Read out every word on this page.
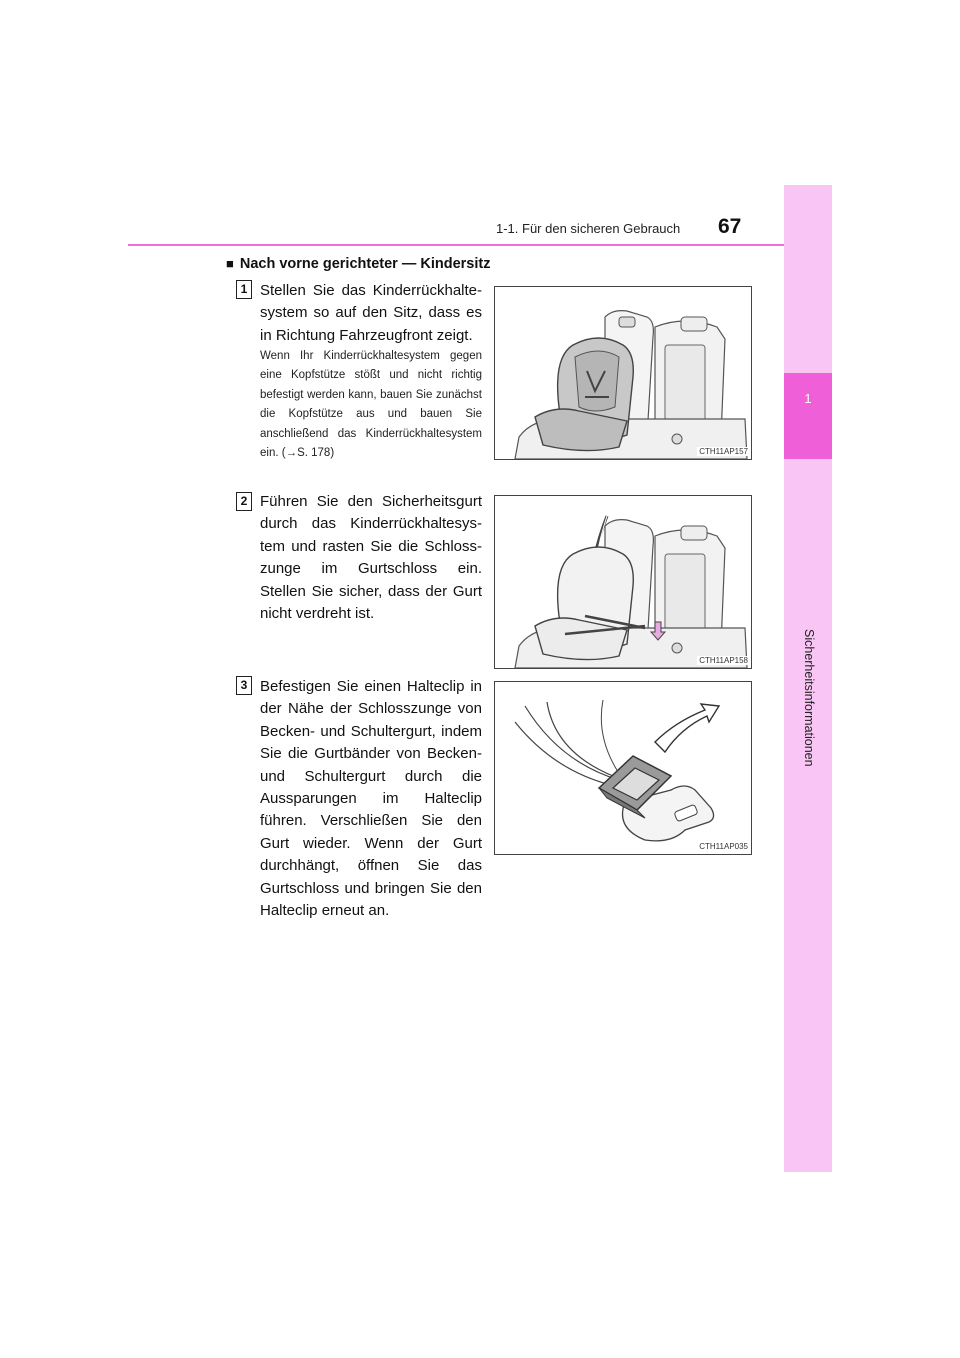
1
Sicherheitsinformationen
1-1. Für den sicheren Gebrauch 67
■ Nach vorne gerichteter — Kindersitz
1 Stellen Sie das Kinderrückhalte-system so auf den Sitz, dass es in Richtung Fahrzeugfront zeigt.
Wenn Ihr Kinderrückhaltesystem gegen eine Kopfstütze stößt und nicht richtig befestigt werden kann, bauen Sie zunächst die Kopfstütze aus und bauen Sie anschließend das Kinderrückhaltesystem ein. (→S. 178)	CTH11AP157
2 Führen Sie den Sicherheitsgurt durch das Kinderrückhaltesys-tem und rasten Sie die Schloss-zunge im Gurtschloss ein. Stellen Sie sicher, dass der Gurt nicht verdreht ist.
CTH11AP158
3 Befestigen Sie einen Halteclip in der Nähe der Schlosszunge von Becken- und Schultergurt, indem Sie die Gurtbänder von Becken- und Schultergurt durch die Aussparungen im Halteclip führen. Verschließen Sie den Gurt wieder. Wenn der Gurt durchhängt, öffnen Sie das Gurtschloss und bringen Sie den Halteclip erneut an.
CTH11AP035
